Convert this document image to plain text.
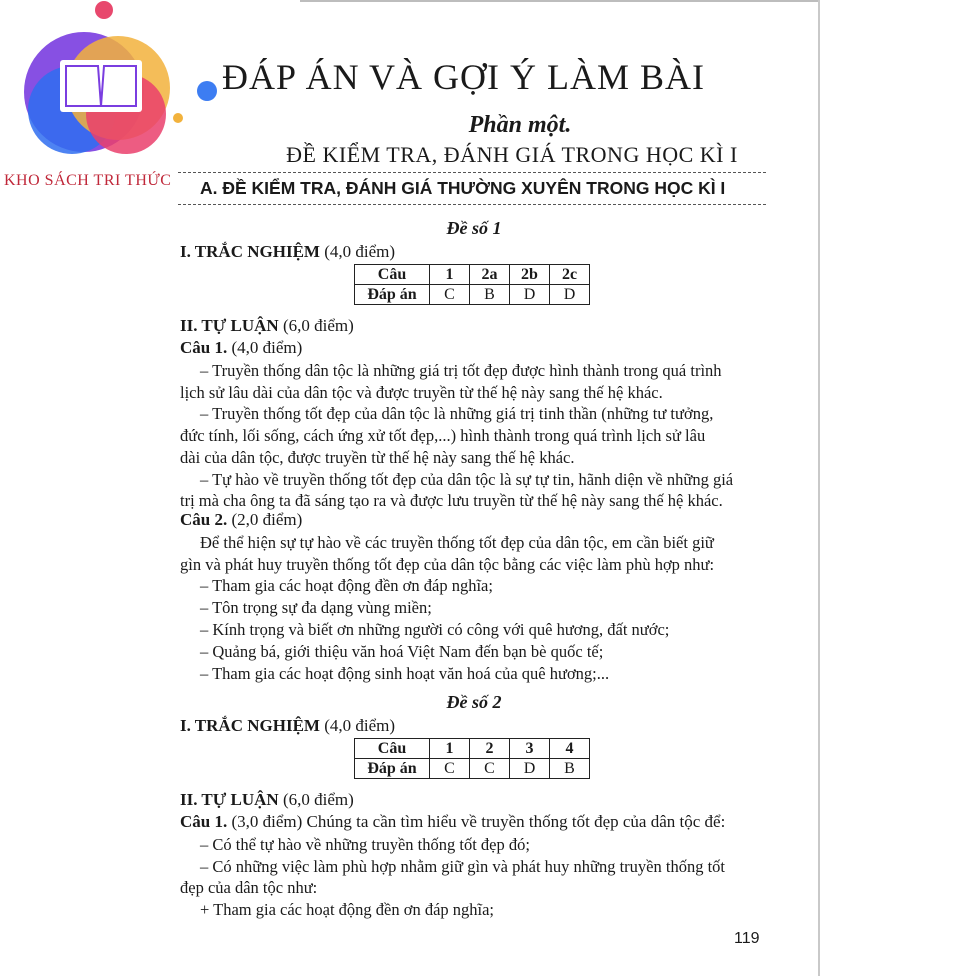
KHO SÁCH TRI THỨC
ĐÁP ÁN VÀ GỢI Ý LÀM BÀI
Phần một.
ĐỀ KIỂM TRA, ĐÁNH GIÁ TRONG HỌC KÌ I
A. ĐỀ KIỂM TRA, ĐÁNH GIÁ THƯỜNG XUYÊN TRONG HỌC KÌ I
Đề số 1
I. TRẮC NGHIỆM (4,0 điểm)
Câu	1	2a	2b	2c
Đáp án	C	B	D	D
II. TỰ LUẬN (6,0 điểm)
Câu 1. (4,0 điểm)
– Truyền thống dân tộc là những giá trị tốt đẹp được hình thành trong quá trình
lịch sử lâu dài của dân tộc và được truyền từ thế hệ này sang thế hệ khác.
– Truyền thống tốt đẹp của dân tộc là những giá trị tinh thần (những tư tưởng,
đức tính, lối sống, cách ứng xử tốt đẹp,...) hình thành trong quá trình lịch sử lâu
dài của dân tộc, được truyền từ thế hệ này sang thế hệ khác.
– Tự hào về truyền thống tốt đẹp của dân tộc là sự tự tin, hãnh diện về những giá
trị mà cha ông ta đã sáng tạo ra và được lưu truyền từ thế hệ này sang thế hệ khác.
Câu 2. (2,0 điểm)
Để thể hiện sự tự hào về các truyền thống tốt đẹp của dân tộc, em cần biết giữ
gìn và phát huy truyền thống tốt đẹp của dân tộc bằng các việc làm phù hợp như:
– Tham gia các hoạt động đền ơn đáp nghĩa;
– Tôn trọng sự đa dạng vùng miền;
– Kính trọng và biết ơn những người có công với quê hương, đất nước;
– Quảng bá, giới thiệu văn hoá Việt Nam đến bạn bè quốc tế;
– Tham gia các hoạt động sinh hoạt văn hoá của quê hương;...
Đề số 2
I. TRẮC NGHIỆM (4,0 điểm)
Câu	1	2	3	4
Đáp án	C	C	D	B
II. TỰ LUẬN (6,0 điểm)
Câu 1. (3,0 điểm) Chúng ta cần tìm hiểu về truyền thống tốt đẹp của dân tộc để:
– Có thể tự hào về những truyền thống tốt đẹp đó;
– Có những việc làm phù hợp nhằm giữ gìn và phát huy những truyền thống tốt
đẹp của dân tộc như:
+ Tham gia các hoạt động đền ơn đáp nghĩa;
119
